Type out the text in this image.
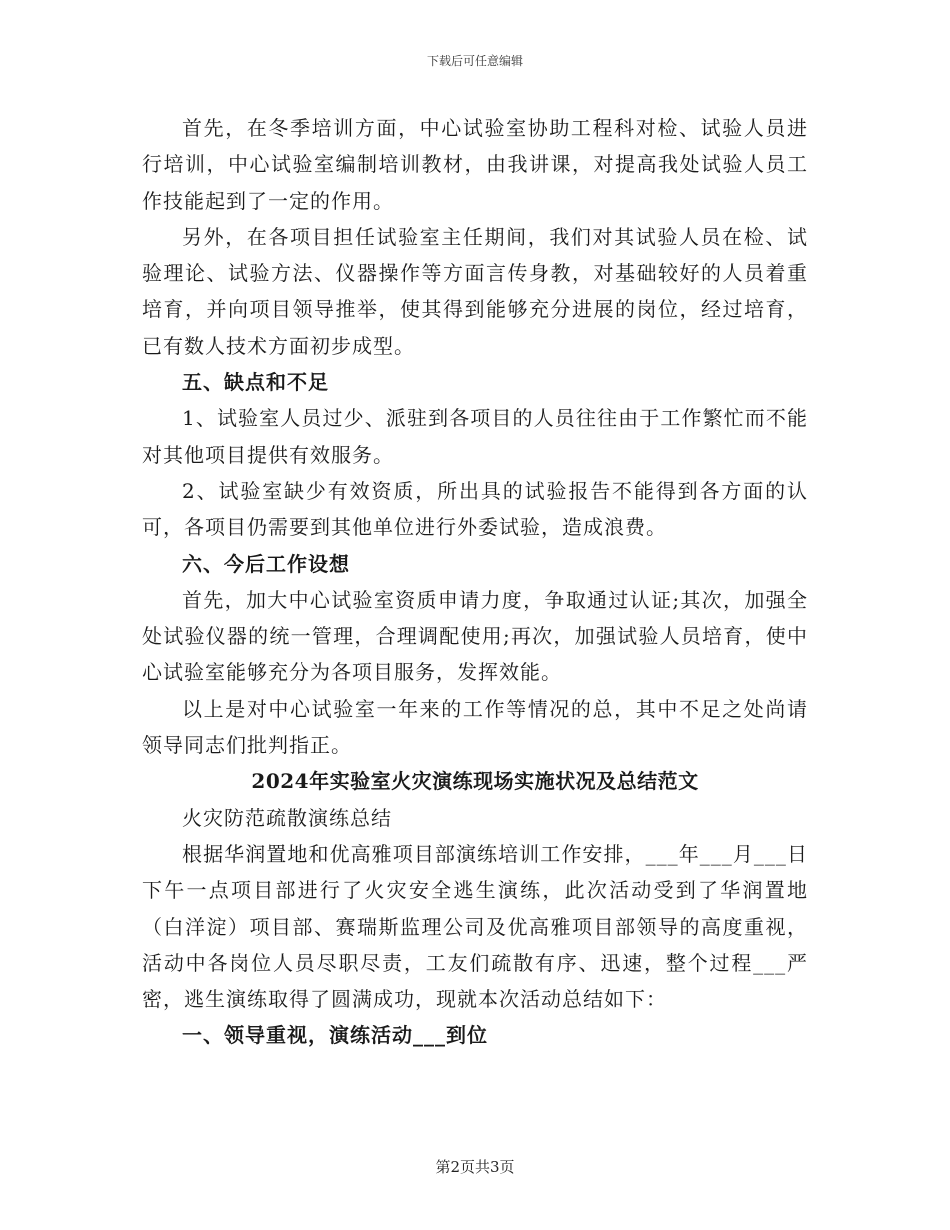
下载后可任意编辑

首先，在冬季培训方面，中心试验室协助工程科对检、试验人员进行培训，中心试验室编制培训教材，由我讲课，对提高我处试验人员工作技能起到了一定的作用。

另外，在各项目担任试验室主任期间，我们对其试验人员在检、试验理论、试验方法、仪器操作等方面言传身教，对基础较好的人员着重培育，并向项目领导推举，使其得到能够充分进展的岗位，经过培育，已有数人技术方面初步成型。

五、缺点和不足

1、试验室人员过少、派驻到各项目的人员往往由于工作繁忙而不能对其他项目提供有效服务。

2、试验室缺少有效资质，所出具的试验报告不能得到各方面的认可，各项目仍需要到其他单位进行外委试验，造成浪费。

六、今后工作设想

首先，加大中心试验室资质申请力度，争取通过认证;其次，加强全处试验仪器的统一管理，合理调配使用;再次，加强试验人员培育，使中心试验室能够充分为各项目服务，发挥效能。

以上是对中心试验室一年来的工作等情况的总，其中不足之处尚请领导同志们批判指正。

2024年实验室火灾演练现场实施状况及总结范文

火灾防范疏散演练总结

根据华润置地和优高雅项目部演练培训工作安排，___年___月___日下午一点项目部进行了火灾安全逃生演练，此次活动受到了华润置地（白洋淀）项目部、赛瑞斯监理公司及优高雅项目部领导的高度重视，活动中各岗位人员尽职尽责，工友们疏散有序、迅速，整个过程___严密，逃生演练取得了圆满成功，现就本次活动总结如下：

一、领导重视，演练活动___到位

第2页共3页
